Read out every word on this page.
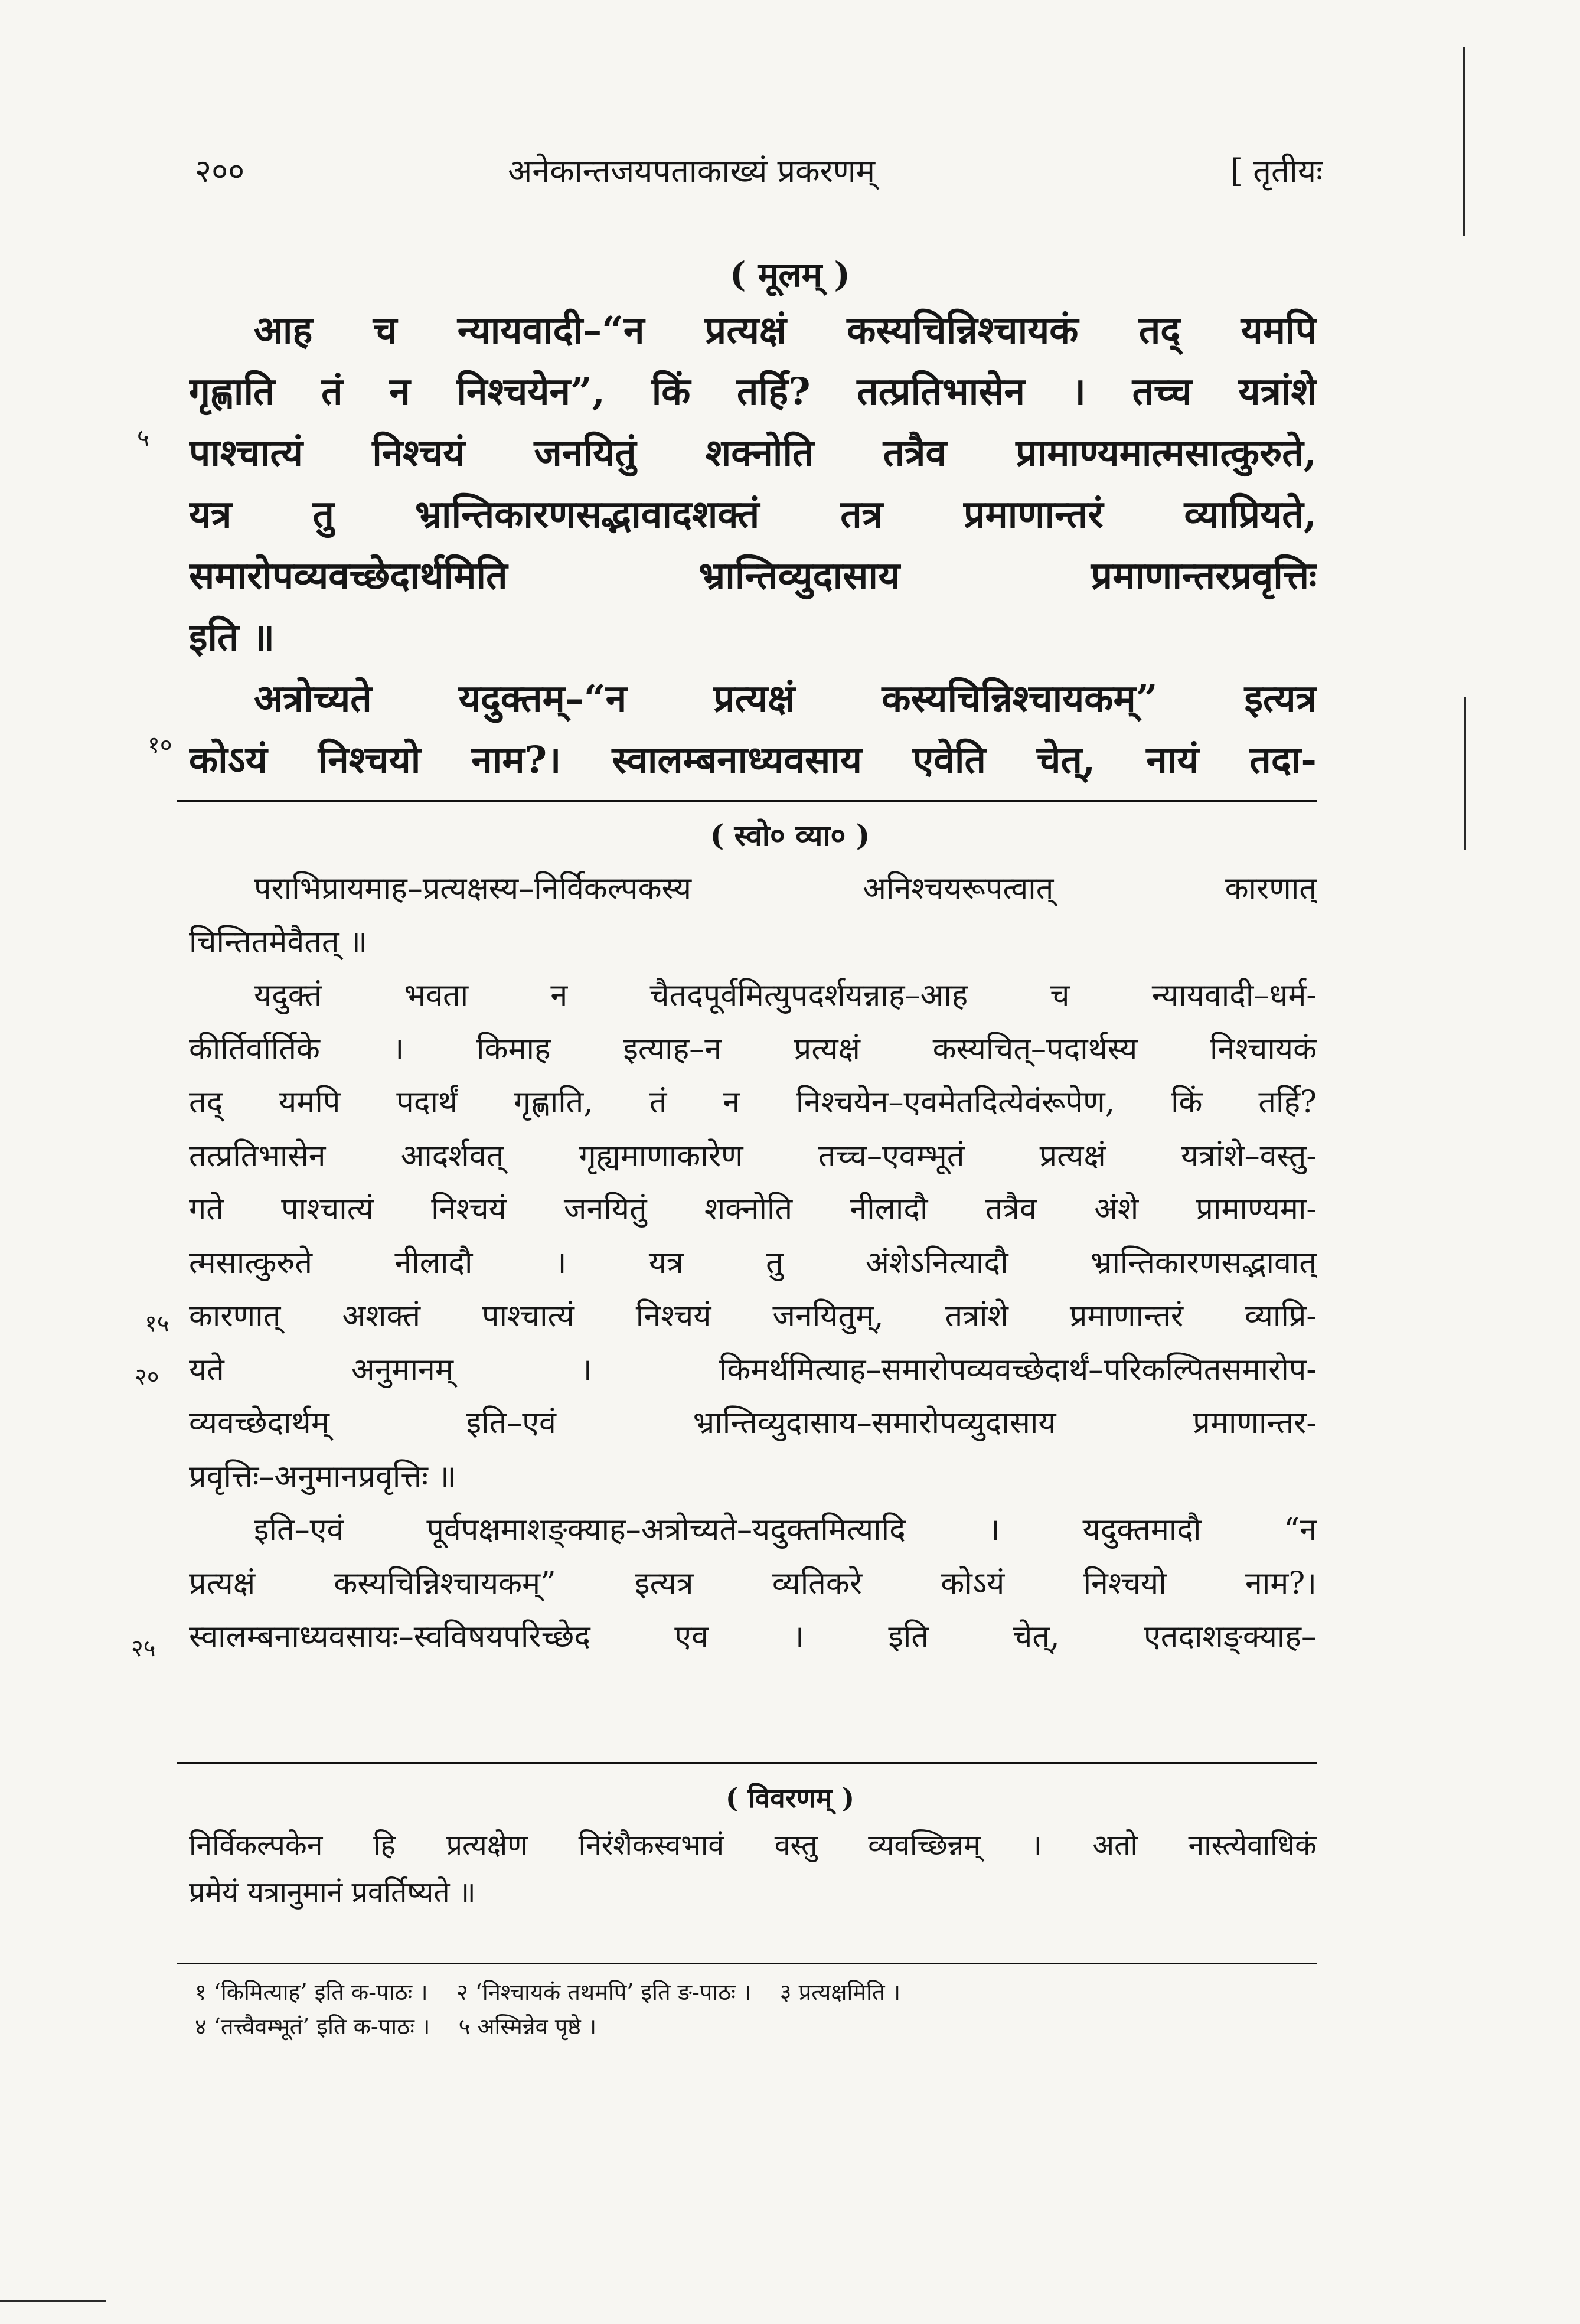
२००	अनेकान्तजयपताकाख्यं प्रकरणम्	[ तृतीयः
( मूलम् )
आह च न्यायवादी–“न प्रत्यक्षं कस्यचिन्निश्चायकं तद् यमपि
गृह्णाति तं न निश्चयेन”, किं तर्हि? तत्प्रतिभासेन । तच्च यत्रांशे
पाश्चात्यं निश्चयं जनयितुं शक्नोति तत्रैव प्रामाण्यमात्मसात्कुरुते,
यत्र तु भ्रान्तिकारणसद्भावादशक्तं तत्र प्रमाणान्तरं व्याप्रियते,
समारोपव्यवच्छेदार्थमिति भ्रान्तिव्युदासाय प्रमाणान्तरप्रवृत्तिः
इति ॥
अत्रोच्यते यदुक्तम्–“न प्रत्यक्षं कस्यचिन्निश्चायकम्” इत्यत्र
कोऽयं निश्चयो नाम?। स्वालम्बनाध्यवसाय एवेति चेत्, नायं तदा-
( स्वो० व्या० )
पराभिप्रायमाह–प्रत्यक्षस्य–निर्विकल्पकस्य अनिश्चयरूपत्वात् कारणात्
चिन्तितमेवैतत् ॥
यदुक्तं भवता न चैतदपूर्वमित्युपदर्शयन्नाह–आह च न्यायवादी–धर्म-
कीर्तिर्वार्तिके । किमाह इत्याह–न प्रत्यक्षं कस्यचित्–पदार्थस्य निश्चायकं
तद् यमपि पदार्थं गृह्णाति, तं न निश्चयेन–एवमेतदित्येवंरूपेण, किं तर्हि?
तत्प्रतिभासेन आदर्शवत् गृह्यमाणाकारेण तच्च–एवम्भूतं प्रत्यक्षं यत्रांशे–वस्तु-
गते पाश्चात्यं निश्चयं जनयितुं शक्नोति नीलादौ तत्रैव अंशे प्रामाण्यमा-
त्मसात्कुरुते नीलादौ । यत्र तु अंशेऽनित्यादौ भ्रान्तिकारणसद्भावात्
कारणात् अशक्तं पाश्चात्यं निश्चयं जनयितुम्, तत्रांशे प्रमाणान्तरं व्याप्रि-
यते अनुमानम् । किमर्थमित्याह–समारोपव्यवच्छेदार्थं–परिकल्पितसमारोप-
व्यवच्छेदार्थम् इति–एवं भ्रान्तिव्युदासाय–समारोपव्युदासाय प्रमाणान्तर-
प्रवृत्तिः–अनुमानप्रवृत्तिः ॥
इति–एवं पूर्वपक्षमाशङ्क्याह–अत्रोच्यते–यदुक्तमित्यादि । यदुक्तमादौ “न
प्रत्यक्षं कस्यचिन्निश्चायकम्” इत्यत्र व्यतिकरे कोऽयं निश्चयो नाम?।
स्वालम्बनाध्यवसायः–स्वविषयपरिच्छेद एव । इति चेत्, एतदाशङ्क्याह–
( विवरणम् )
निर्विकल्पकेन हि प्रत्यक्षेण निरंशैकस्वभावं वस्तु व्यवच्छिन्नम् । अतो नास्त्येवाधिकं
प्रमेयं यत्रानुमानं प्रवर्तिष्यते ॥
१ ‘किमित्याह’ इति क-पाठः ।    २ ‘निश्चायकं तथमपि’ इति ङ-पाठः ।    ३ प्रत्यक्षमिति ।
४ ‘तत्त्वैवम्भूतं’ इति क-पाठः ।    ५ अस्मिन्नेव पृष्ठे ।
५
१०
१५
२०
२५
